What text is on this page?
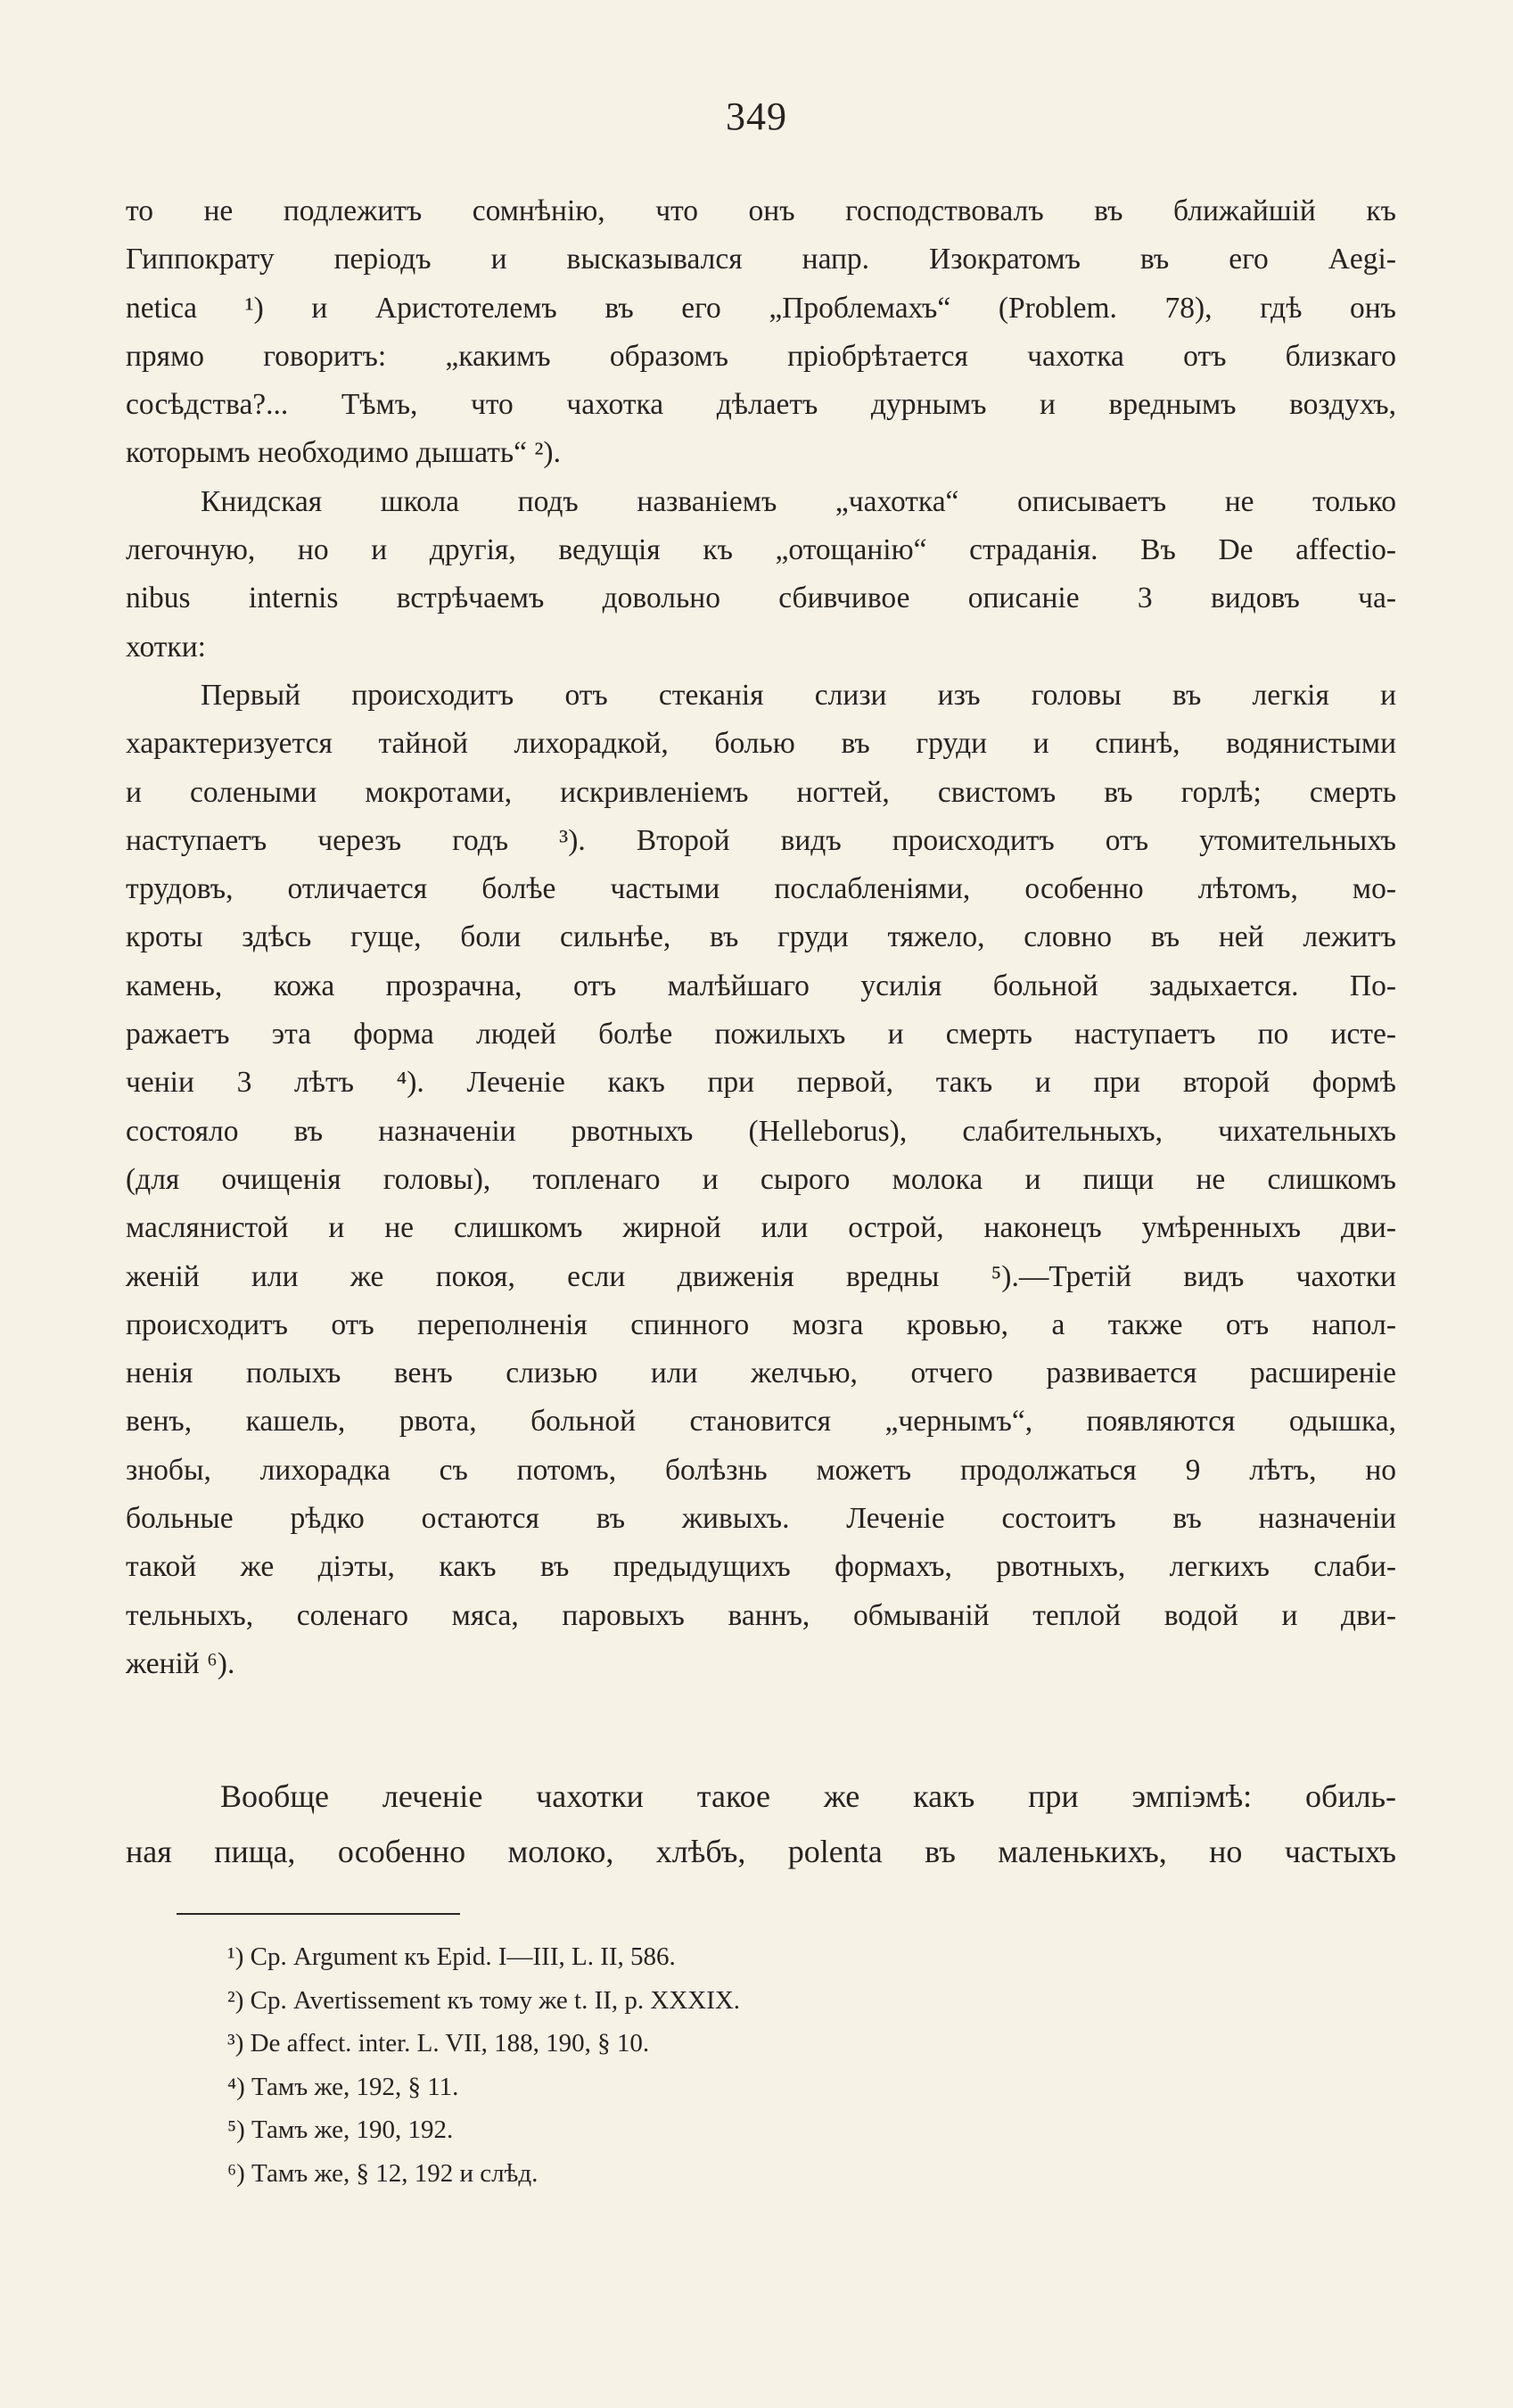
349
то не подлежитъ сомнѣнію, что онъ господствовалъ въ ближайшій къ
Гиппократу періодъ и высказывался напр. Изократомъ въ его Aegi-
netica ¹) и Аристотелемъ въ его „Проблемахъ“ (Problem. 78), гдѣ онъ
прямо говоритъ: „какимъ образомъ пріобрѣтается чахотка отъ близкаго
сосѣдства?... Тѣмъ, что чахотка дѣлаетъ дурнымъ и вреднымъ воздухъ,
которымъ необходимо дышать“ ²).
Книдская школа подъ названіемъ „чахотка“ описываетъ не только
легочную, но и другія, ведущія къ „отощанію“ страданія. Въ De affectio-
nibus internis встрѣчаемъ довольно сбивчивое описаніе 3 видовъ ча-
хотки:
Первый происходитъ отъ стеканія слизи изъ головы въ легкія и
характеризуется тайной лихорадкой, болью въ груди и спинѣ, водянистыми
и солеными мокротами, искривленіемъ ногтей, свистомъ въ горлѣ; смерть
наступаетъ черезъ годъ ³). Второй видъ происходитъ отъ утомительныхъ
трудовъ, отличается болѣе частыми послабленіями, особенно лѣтомъ, мо-
кроты здѣсь гуще, боли сильнѣе, въ груди тяжело, словно въ ней лежитъ
камень, кожа прозрачна, отъ малѣйшаго усилія больной задыхается. По-
ражаетъ эта форма людей болѣе пожилыхъ и смерть наступаетъ по исте-
ченіи 3 лѣтъ ⁴). Леченіе какъ при первой, такъ и при второй формѣ
состояло въ назначеніи рвотныхъ (Helleborus), слабительныхъ, чихательныхъ
(для очищенія головы), топленаго и сырого молока и пищи не слишкомъ
маслянистой и не слишкомъ жирной или острой, наконецъ умѣренныхъ дви-
женій или же покоя, если движенія вредны ⁵).—Третій видъ чахотки
происходитъ отъ переполненія спинного мозга кровью, а также отъ напол-
ненія полыхъ венъ слизью или желчью, отчего развивается расширеніе
венъ, кашель, рвота, больной становится „чернымъ“, появляются одышка,
знобы, лихорадка съ потомъ, болѣзнь можетъ продолжаться 9 лѣтъ, но
больные рѣдко остаются въ живыхъ. Леченіе состоитъ въ назначеніи
такой же діэты, какъ въ предыдущихъ формахъ, рвотныхъ, легкихъ слаби-
тельныхъ, соленаго мяса, паровыхъ ваннъ, обмываній теплой водой и дви-
женій ⁶).
Вообще леченіе чахотки такое же какъ при эмпіэмѣ: обиль-
ная пища, особенно молоко, хлѣбъ, polenta въ маленькихъ, но частыхъ
¹) Ср. Argument къ Epid. I—III, L. II, 586.
²) Ср. Avertissement къ тому же t. II, p. XXXIX.
³) De affect. inter. L. VII, 188, 190, § 10.
⁴) Тамъ же, 192, § 11.
⁵) Тамъ же, 190, 192.
⁶) Тамъ же, § 12, 192 и слѣд.
